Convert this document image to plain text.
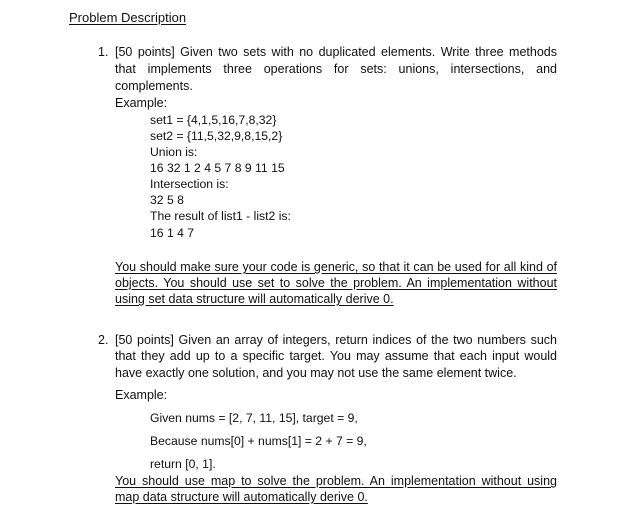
Problem Description
1. [50 points] Given two sets with no duplicated elements. Write three methods
that implements three operations for sets: unions, intersections, and
complements.
Example:
set1 = {4,1,5,16,7,8,32}
set2 = {11,5,32,9,8,15,2}
Union is:
16 32 1 2 4 5 7 8 9 11 15
Intersection is:
32 5 8
The result of list1 - list2 is:
16 1 4 7
You should make sure your code is generic, so that it can be used for all kind of
objects. You should use set to solve the problem. An implementation without
using set data structure will automatically derive 0.
2. [50 points] Given an array of integers, return indices of the two numbers such
that they add up to a specific target. You may assume that each input would
have exactly one solution, and you may not use the same element twice.
Example:
Given nums = [2, 7, 11, 15], target = 9,
Because nums[0] + nums[1] = 2 + 7 = 9,
return [0, 1].
You should use map to solve the problem. An implementation without using
map data structure will automatically derive 0.
